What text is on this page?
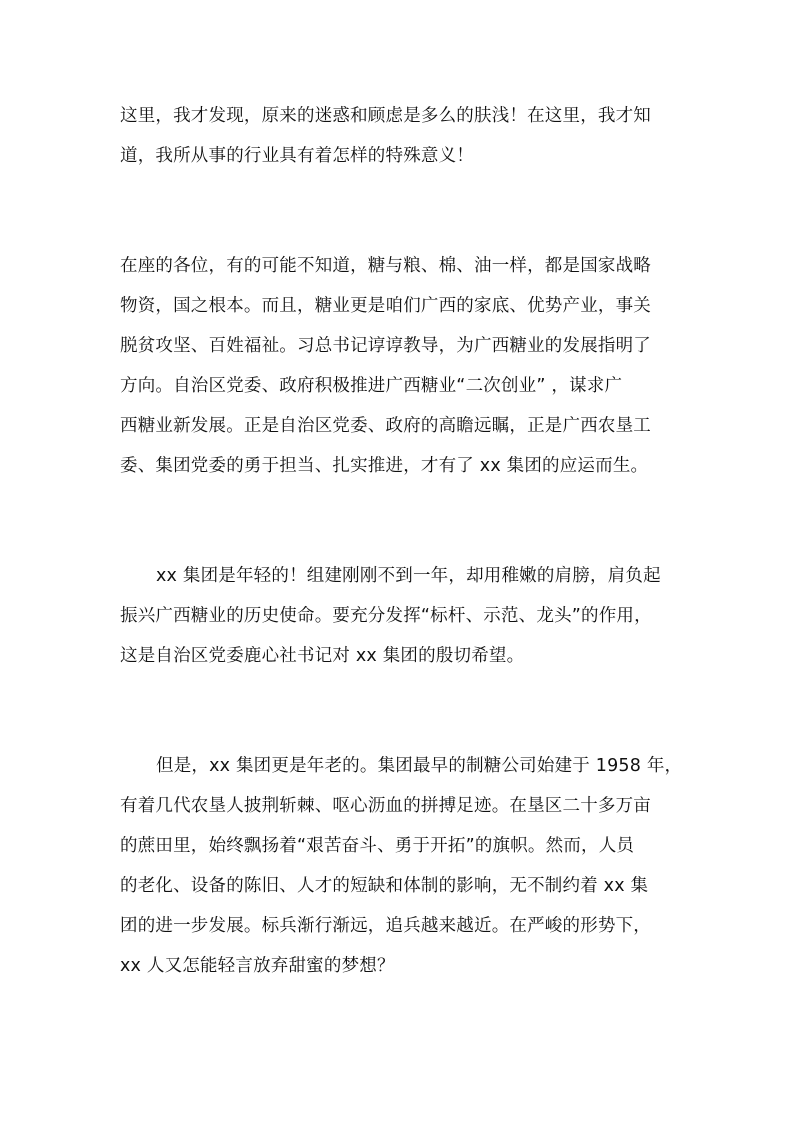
这里，我才发现，原来的迷惑和顾虑是多么的肤浅！在这里，我才知
道，我所从事的行业具有着怎样的特殊意义！
在座的各位，有的可能不知道，糖与粮、棉、油一样，都是国家战略
物资，国之根本。而且，糖业更是咱们广西的家底、优势产业，事关
脱贫攻坚、百姓福祉。习总书记谆谆教导，为广西糖业的发展指明了
方向。自治区党委、政府积极推进广西糖业“二次创业” ，谋求广
西糖业新发展。正是自治区党委、政府的高瞻远瞩，正是广西农垦工
委、集团党委的勇于担当、扎实推进，才有了 xx 集团的应运而生。
xx 集团是年轻的！组建刚刚不到一年，却用稚嫩的肩膀，肩负起
振兴广西糖业的历史使命。要充分发挥“标杆、示范、龙头”的作用，
这是自治区党委鹿心社书记对 xx 集团的殷切希望。
但是，xx 集团更是年老的。集团最早的制糖公司始建于 1958 年，
有着几代农垦人披荆斩棘、呕心沥血的拼搏足迹。在垦区二十多万亩
的蔗田里，始终飘扬着“艰苦奋斗、勇于开拓”的旗帜。然而，人员
的老化、设备的陈旧、人才的短缺和体制的影响，无不制约着 xx 集
团的进一步发展。标兵渐行渐远，追兵越来越近。在严峻的形势下，
xx 人又怎能轻言放弃甜蜜的梦想？
